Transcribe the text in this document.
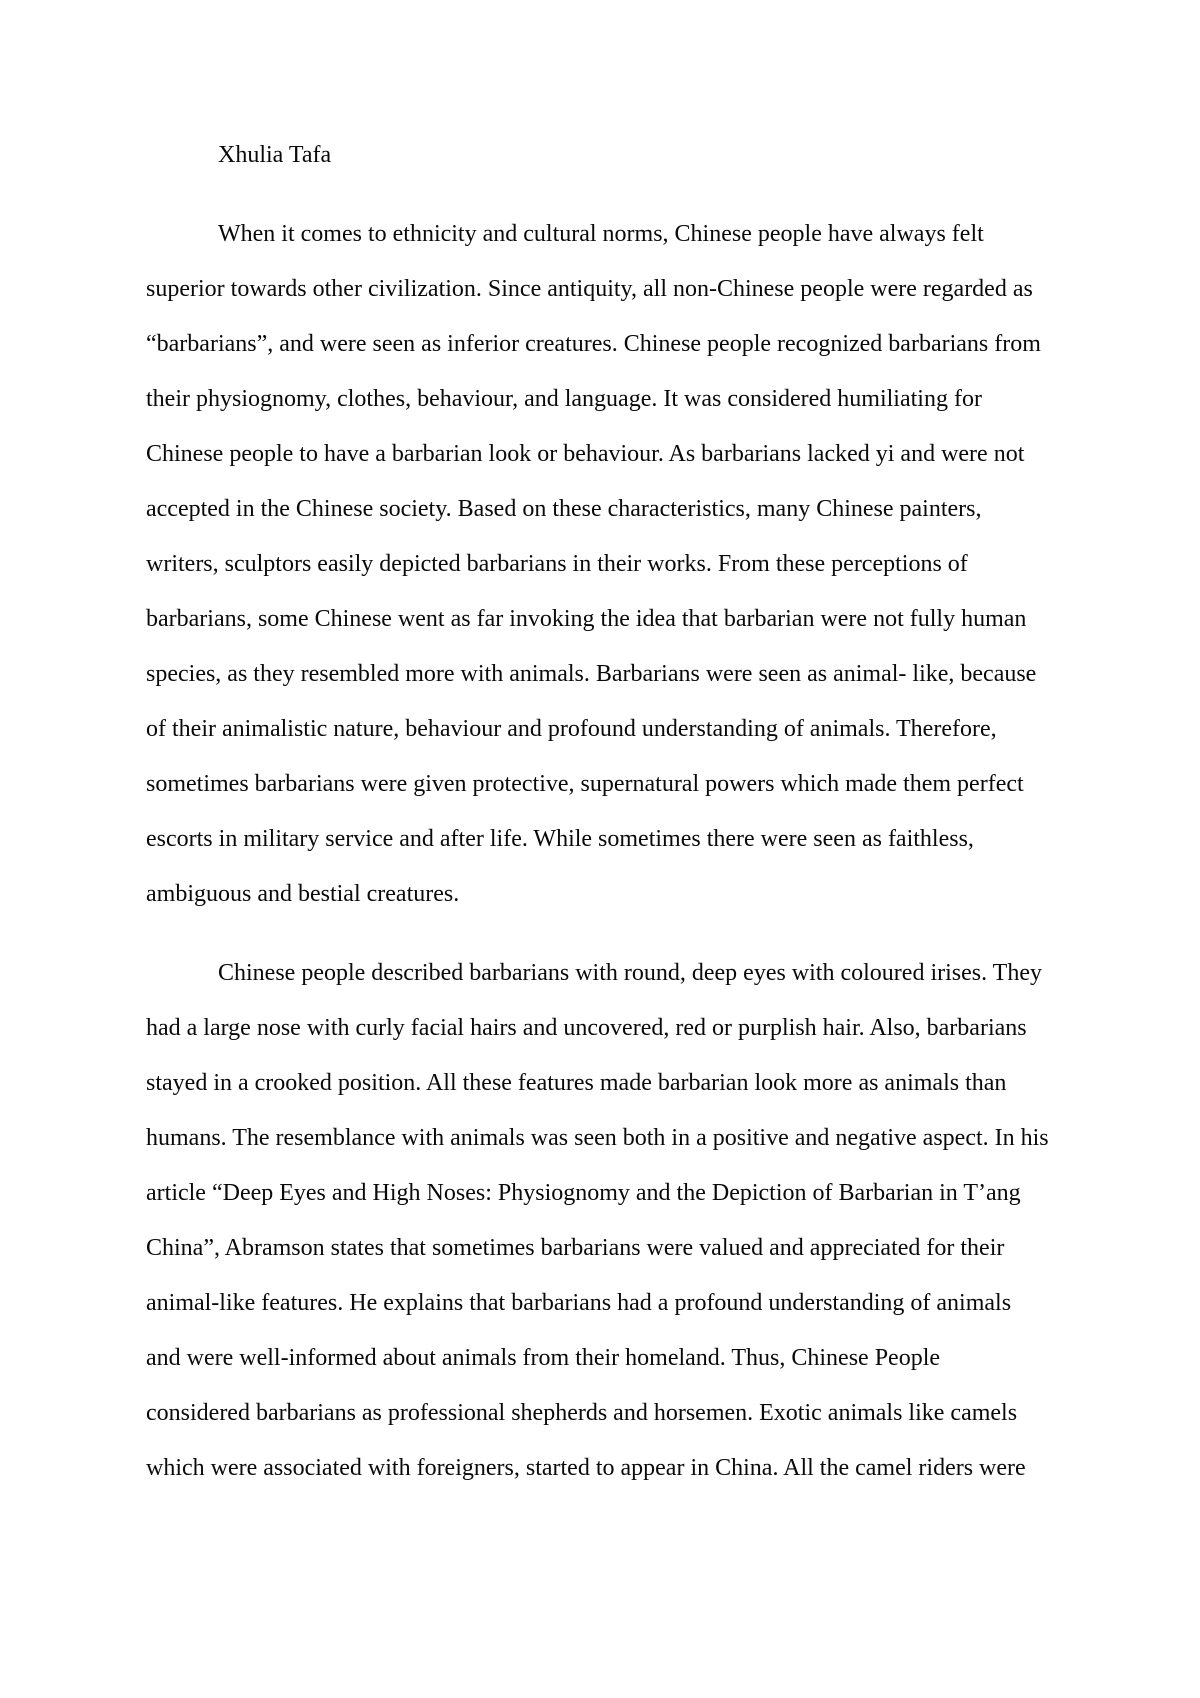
Xhulia Tafa
When it comes to ethnicity and cultural norms, Chinese people have always felt
superior towards other civilization. Since antiquity, all non-Chinese people were regarded as
“barbarians”, and were seen as inferior creatures. Chinese people recognized barbarians from
their physiognomy, clothes, behaviour, and language. It was considered humiliating for
Chinese people to have a barbarian look or behaviour. As barbarians lacked yi and were not
accepted in the Chinese society. Based on these characteristics, many Chinese painters,
writers, sculptors easily depicted barbarians in their works. From these perceptions of
barbarians, some Chinese went as far invoking the idea that barbarian were not fully human
species, as they resembled more with animals. Barbarians were seen as animal- like, because
of their animalistic nature, behaviour and profound understanding of animals. Therefore,
sometimes barbarians were given protective, supernatural powers which made them perfect
escorts in military service and after life. While sometimes there were seen as faithless,
ambiguous and bestial creatures.
Chinese people described barbarians with round, deep eyes with coloured irises. They
had a large nose with curly facial hairs and uncovered, red or purplish hair. Also, barbarians
stayed in a crooked position. All these features made barbarian look more as animals than
humans. The resemblance with animals was seen both in a positive and negative aspect. In his
article “Deep Eyes and High Noses: Physiognomy and the Depiction of Barbarian in T’ang
China”, Abramson states that sometimes barbarians were valued and appreciated for their
animal-like features. He explains that barbarians had a profound understanding of animals
and were well-informed about animals from their homeland. Thus, Chinese People
considered barbarians as professional shepherds and horsemen. Exotic animals like camels
which were associated with foreigners, started to appear in China. All the camel riders were
